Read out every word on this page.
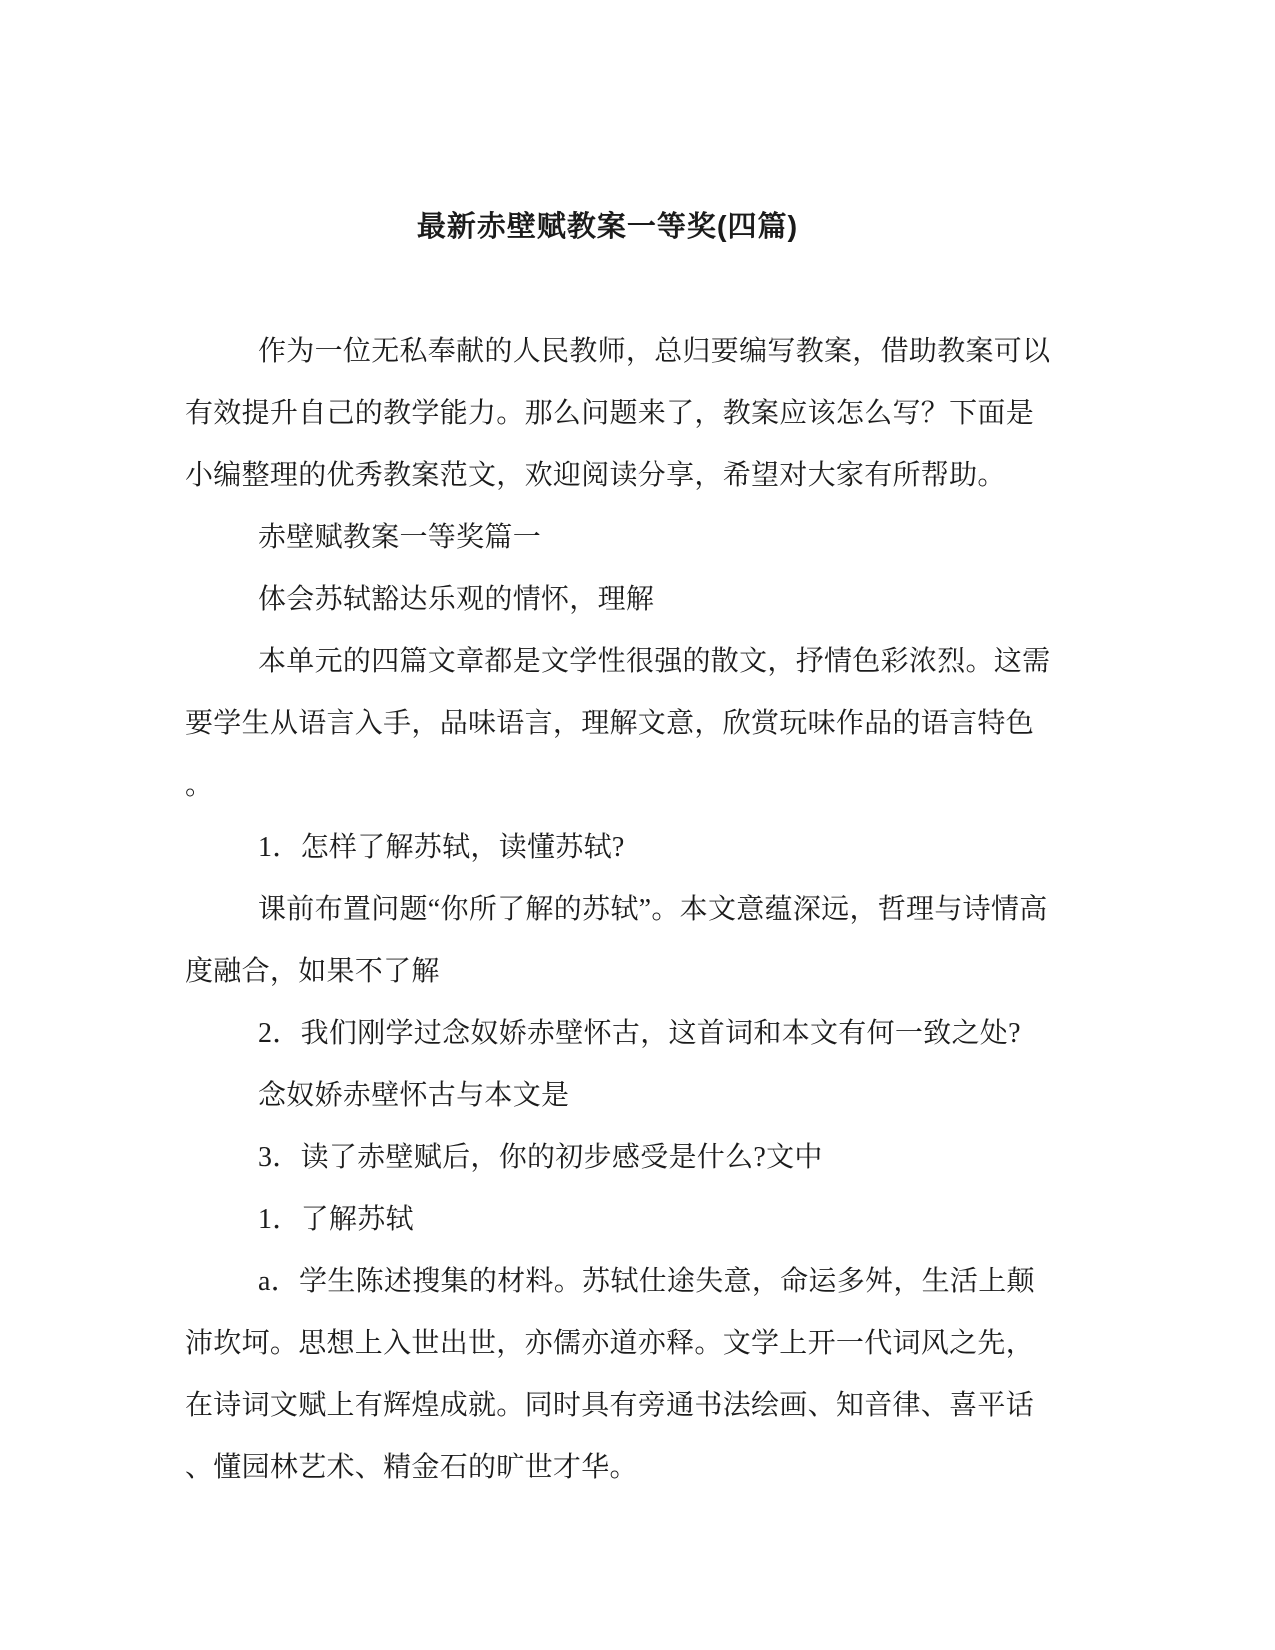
最新赤壁赋教案一等奖(四篇)
作为一位无私奉献的人民教师，总归要编写教案，借助教案可以
有效提升自己的教学能力。那么问题来了，教案应该怎么写？下面是
小编整理的优秀教案范文，欢迎阅读分享，希望对大家有所帮助。
赤壁赋教案一等奖篇一
体会苏轼豁达乐观的情怀，理解
本单元的四篇文章都是文学性很强的散文，抒情色彩浓烈。这需
要学生从语言入手，品味语言，理解文意，欣赏玩味作品的语言特色
。
1．怎样了解苏轼，读懂苏轼?
课前布置问题“你所了解的苏轼”。本文意蕴深远，哲理与诗情高
度融合，如果不了解
2．我们刚学过念奴娇赤壁怀古，这首词和本文有何一致之处?
念奴娇赤壁怀古与本文是
3．读了赤壁赋后，你的初步感受是什么?文中
1．了解苏轼
a．学生陈述搜集的材料。苏轼仕途失意，命运多舛，生活上颠
沛坎坷。思想上入世出世，亦儒亦道亦释。文学上开一代词风之先，
在诗词文赋上有辉煌成就。同时具有旁通书法绘画、知音律、喜平话
、懂园林艺术、精金石的旷世才华。
